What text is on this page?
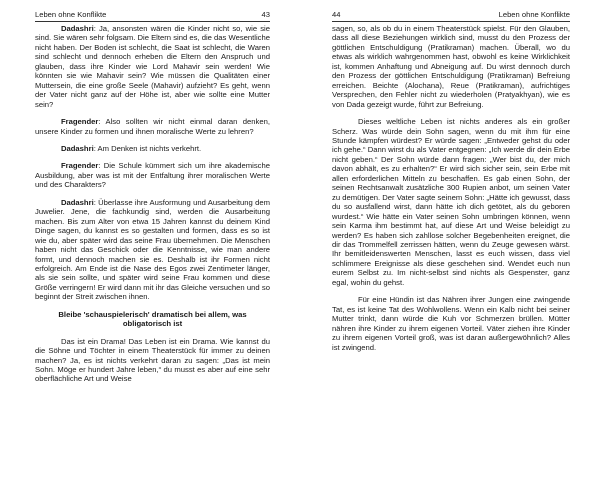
Leben ohne Konflikte	43

Dadashri: Ja, ansonsten wären die Kinder nicht so, wie sie sind. Sie wären sehr folgsam. Die Eltern sind es, die das Wesentliche nicht haben. Der Boden ist schlecht, die Saat ist schlecht, die Waren sind schlecht und dennoch erheben die Eltern den Anspruch und glauben, dass ihre Kinder wie Lord Mahavir sein werden! Wie könnten sie wie Mahavir sein? Wie müssen die Qualitäten einer Muttersein, die eine große Seele (Mahavir) aufzieht? Es geht, wenn der Vater nicht ganz auf der Höhe ist, aber wie sollte eine Mutter sein?

Fragender: Also sollten wir nicht einmal daran denken, unsere Kinder zu formen und ihnen moralische Werte zu lehren?

Dadashri: Am Denken ist nichts verkehrt.

Fragender: Die Schule kümmert sich um ihre akademische Ausbildung, aber was ist mit der Entfaltung ihrer moralischen Werte und des Charakters?

Dadashri: Überlasse ihre Ausformung und Ausarbeitung dem Juwelier. Jene, die fachkundig sind, werden die Ausarbeitung machen. Bis zum Alter von etwa 15 Jahren kannst du deinem Kind Dinge sagen, du kannst es so gestalten und formen, dass es so ist wie du, aber später wird das seine Frau übernehmen. Die Menschen haben nicht das Geschick oder die Kenntnisse, wie man andere formt, und dennoch machen sie es. Deshalb ist ihr Formen nicht erfolgreich. Am Ende ist die Nase des Egos zwei Zentimeter länger, als sie sein sollte, und später wird seine Frau kommen und diese Größe verringern! Er wird dann mit ihr das Gleiche versuchen und so beginnt der Streit zwischen ihnen.

Bleibe 'schauspielerisch' dramatisch bei allem, was obligatorisch ist

Das ist ein Drama! Das Leben ist ein Drama. Wie kannst du die Söhne und Töchter in einem Theaterstück für immer zu deinen machen? Ja, es ist nichts verkehrt daran zu sagen: „Das ist mein Sohn. Möge er hundert Jahre leben,“ du musst es aber auf eine sehr oberflächliche Art und Weise

44	Leben ohne Konflikte

sagen, so, als ob du in einem Theaterstück spielst. Für den Glauben, dass all diese Beziehungen wirklich sind, musst du den Prozess der göttlichen Entschuldigung (Pratikraman) machen. Überall, wo du etwas als wirklich wahrgenommen hast, obwohl es keine Wirklichkeit ist, kommen Anhaftung und Abneigung auf. Du wirst dennoch durch den Prozess der göttlichen Entschuldigung (Pratikraman) Befreiung erreichen. Beichte (Alochana), Reue (Pratikraman), aufrichtiges Versprechen, den Fehler nicht zu wiederholen (Pratyakhyan), wie es von Dada gezeigt wurde, führt zur Befreiung.

Dieses weltliche Leben ist nichts anderes als ein großer Scherz. Was würde dein Sohn sagen, wenn du mit ihm für eine Stunde kämpfen würdest? Er würde sagen: „Entweder gehst du oder ich gehe.“ Dann wirst du als Vater entgegnen: „Ich werde dir dein Erbe nicht geben.“ Der Sohn würde dann fragen: „Wer bist du, der mich davon abhält, es zu erhalten?“ Er wird sich sicher sein, sein Erbe mit allen erforderlichen Mitteln zu beschaffen. Es gab einen Sohn, der seinen Rechtsanwalt zusätzliche 300 Rupien anbot, um seinen Vater zu demütigen. Der Vater sagte seinem Sohn: „Hätte ich gewusst, dass du so ausfallend wirst, dann hätte ich dich getötet, als du geboren wurdest.“ Wie hätte ein Vater seinen Sohn umbringen können, wenn sein Karma ihm bestimmt hat, auf diese Art und Weise beleidigt zu werden? Es haben sich zahllose solcher Begebenheiten ereignet, die dir das Trommelfell zerrissen hätten, wenn du Zeuge gewesen wärst. Ihr bemitleidenswerten Menschen, lasst es euch wissen, dass viel schlimmere Ereignisse als diese geschehen sind. Wendet euch nun eurem Selbst zu. Im nicht-selbst sind nichts als Gespenster, ganz egal, wohin du gehst.

Für eine Hündin ist das Nähren ihrer Jungen eine zwingende Tat, es ist keine Tat des Wohlwollens. Wenn ein Kalb nicht bei seiner Mutter trinkt, dann würde die Kuh vor Schmerzen brüllen. Mütter nähren ihre Kinder zu ihrem eigenen Vorteil. Väter ziehen ihre Kinder zu ihrem eigenen Vorteil groß, was ist daran außergewöhnlich? Alles ist zwingend.
